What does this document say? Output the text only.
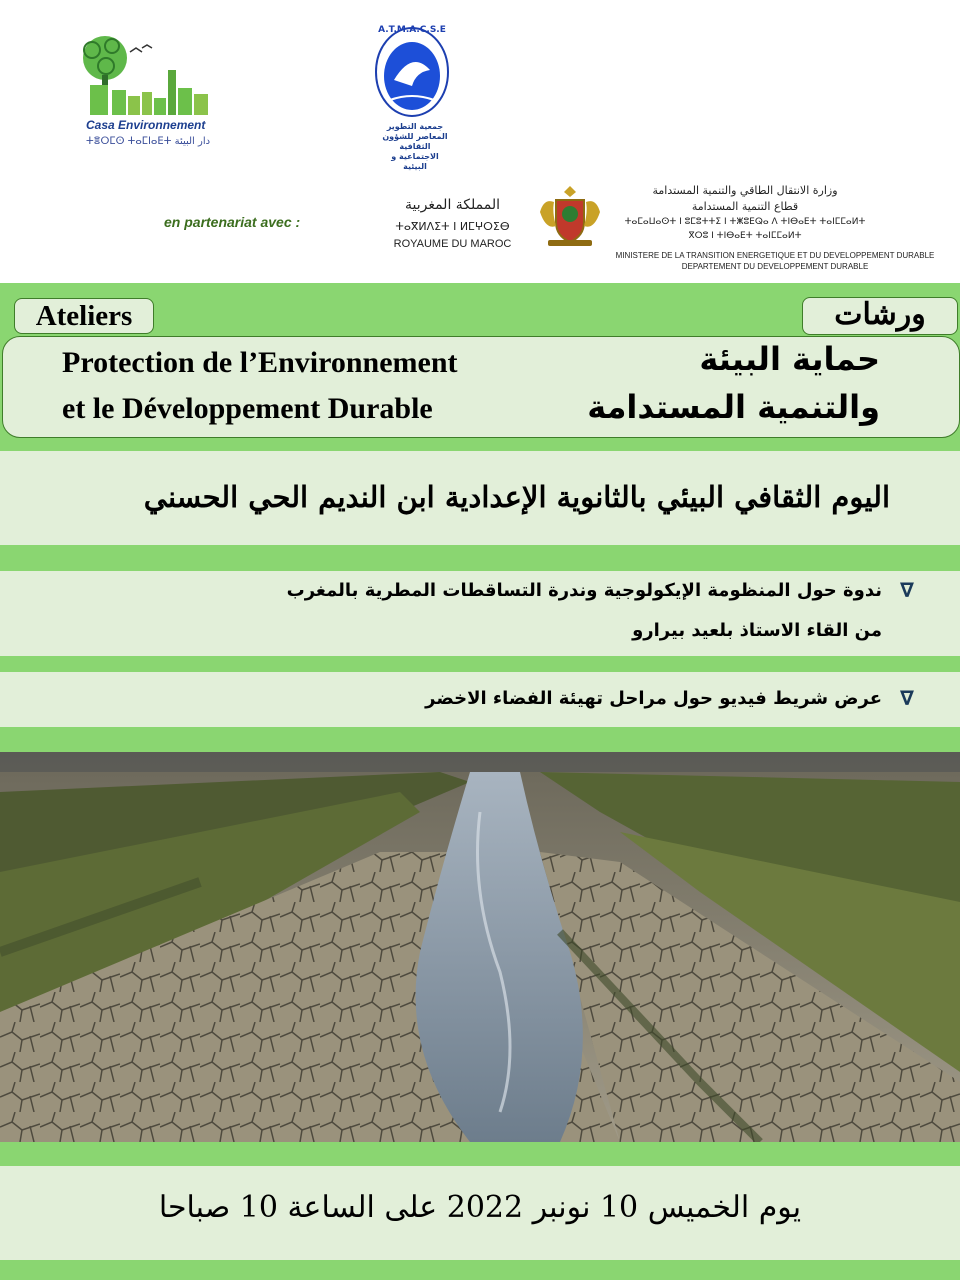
Casa Environnement
ⵜⴻⵔⵎⵙ ⵜⴰⵎⵏⴰⴹⵜ دار البيئة
A.T.M.A.C.S.E
جمعية التطوير المعاصر للشؤون الثقافية الاجتماعية و البيئية
en partenariat avec :
المملكة المغربية
ⵜⴰⴳⵍⴷⵉⵜ ⵏ ⵍⵎⵖⵔⵉⴱ
ROYAUME DU MAROC
وزارة الانتقال الطاقي والتنمية المستدامة
قطاع التنمية المستدامة
ⵜⴰⵎⴰⵡⴰⵙⵜ ⵏ ⵓⵎⵓⵜⵜⵉ ⵏ ⵜⵥⵓⴹⵕⴰ ⴷ ⵜⵏⴱⴰⴹⵜ ⵜⴰⵏⵎⵎⴰⵍⵜ
ⴳⵔⵓ ⵏ ⵜⵏⴱⴰⴹⵜ ⵜⴰⵏⵎⵎⴰⵍⵜ
MINISTERE DE LA TRANSITION ENERGETIQUE ET DU DEVELOPPEMENT DURABLE
DEPARTEMENT DU DEVELOPPEMENT DURABLE
Ateliers	ورشات
Protection de l’Environnement
et le Développement Durable
حماية البيئة
والتنمية المستدامة
اليوم الثقافي البيئي بالثانوية الإعدادية ابن النديم الحي الحسني
∇
ندوة حول المنظومة الإيكولوجية وندرة التساقطات المطرية بالمغرب
من القاء الاستاذ بلعيد بيرارو
∇
عرض شريط فيديو حول مراحل تهيئة الفضاء الاخضر
يوم الخميس 10 نونبر 2022 على الساعة 10 صباحا
